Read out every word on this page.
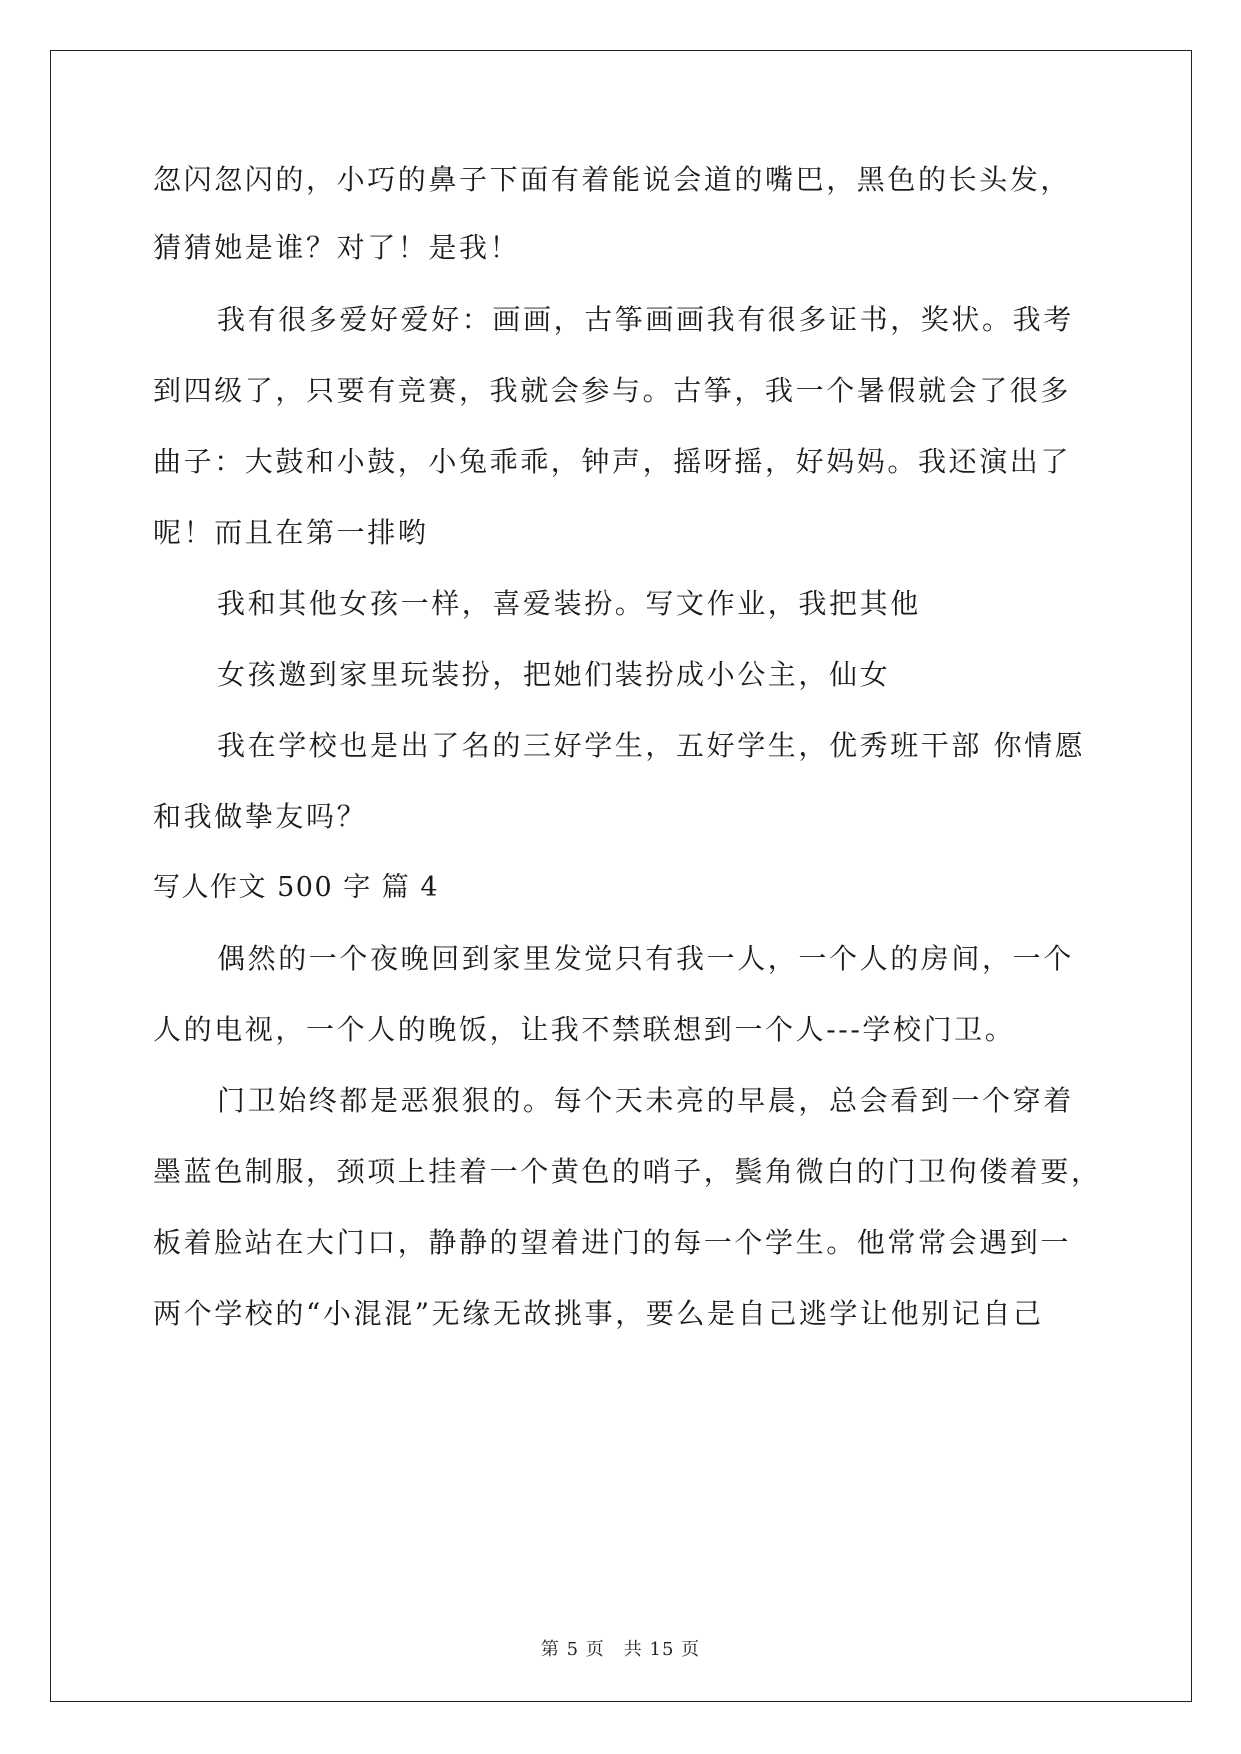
忽闪忽闪的，小巧的鼻子下面有着能说会道的嘴巴，黑色的长头发，
猜猜她是谁？对了！是我！
我有很多爱好爱好：画画，古筝画画我有很多证书，奖状。我考
到四级了，只要有竞赛，我就会参与。古筝，我一个暑假就会了很多
曲子：大鼓和小鼓，小兔乖乖，钟声，摇呀摇，好妈妈。我还演出了
呢！而且在第一排哟
我和其他女孩一样，喜爱装扮。写文作业，我把其他
女孩邀到家里玩装扮，把她们装扮成小公主，仙女
我在学校也是出了名的三好学生，五好学生，优秀班干部 你情愿
和我做挚友吗？
写人作文 500 字 篇 4
偶然的一个夜晚回到家里发觉只有我一人，一个人的房间，一个
人的电视，一个人的晚饭，让我不禁联想到一个人---学校门卫。
门卫始终都是恶狠狠的。每个天未亮的早晨，总会看到一个穿着
墨蓝色制服，颈项上挂着一个黄色的哨子，鬓角微白的门卫佝偻着要，
板着脸站在大门口，静静的望着进门的每一个学生。他常常会遇到一
两个学校的“小混混”无缘无故挑事，要么是自己逃学让他别记自己
第 5 页　共 15 页
